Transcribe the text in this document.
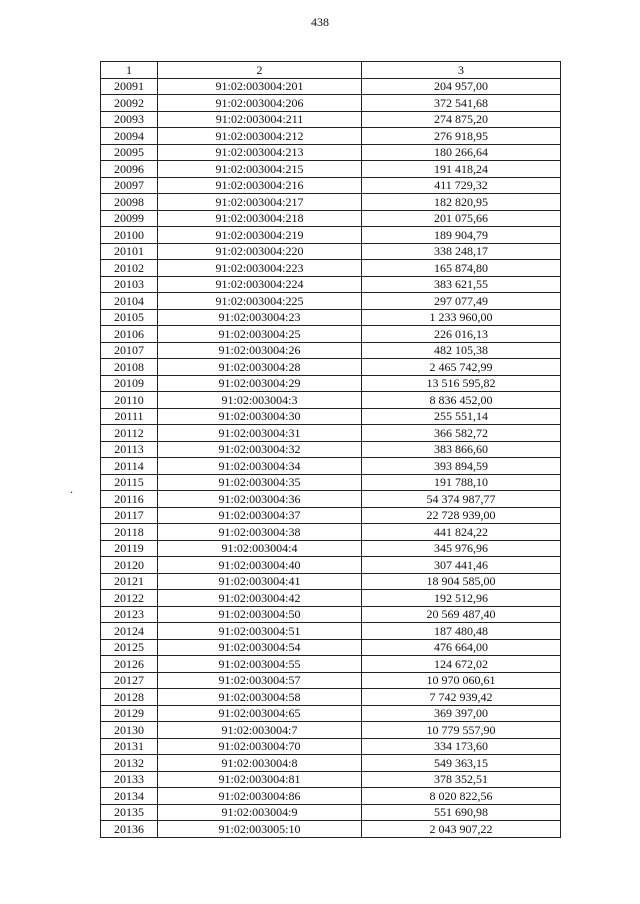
438
.
1	2	3
20091	91:02:003004:201	204 957,00
20092	91:02:003004:206	372 541,68
20093	91:02:003004:211	274 875,20
20094	91:02:003004:212	276 918,95
20095	91:02:003004:213	180 266,64
20096	91:02:003004:215	191 418,24
20097	91:02:003004:216	411 729,32
20098	91:02:003004:217	182 820,95
20099	91:02:003004:218	201 075,66
20100	91:02:003004:219	189 904,79
20101	91:02:003004:220	338 248,17
20102	91:02:003004:223	165 874,80
20103	91:02:003004:224	383 621,55
20104	91:02:003004:225	297 077,49
20105	91:02:003004:23	1 233 960,00
20106	91:02:003004:25	226 016,13
20107	91:02:003004:26	482 105,38
20108	91:02:003004:28	2 465 742,99
20109	91:02:003004:29	13 516 595,82
20110	91:02:003004:3	8 836 452,00
20111	91:02:003004:30	255 551,14
20112	91:02:003004:31	366 582,72
20113	91:02:003004:32	383 866,60
20114	91:02:003004:34	393 894,59
20115	91:02:003004:35	191 788,10
20116	91:02:003004:36	54 374 987,77
20117	91:02:003004:37	22 728 939,00
20118	91:02:003004:38	441 824,22
20119	91:02:003004:4	345 976,96
20120	91:02:003004:40	307 441,46
20121	91:02:003004:41	18 904 585,00
20122	91:02:003004:42	192 512,96
20123	91:02:003004:50	20 569 487,40
20124	91:02:003004:51	187 480,48
20125	91:02:003004:54	476 664,00
20126	91:02:003004:55	124 672,02
20127	91:02:003004:57	10 970 060,61
20128	91:02:003004:58	7 742 939,42
20129	91:02:003004:65	369 397,00
20130	91:02:003004:7	10 779 557,90
20131	91:02:003004:70	334 173,60
20132	91:02:003004:8	549 363,15
20133	91:02:003004:81	378 352,51
20134	91:02:003004:86	8 020 822,56
20135	91:02:003004:9	551 690,98
20136	91:02:003005:10	2 043 907,22
